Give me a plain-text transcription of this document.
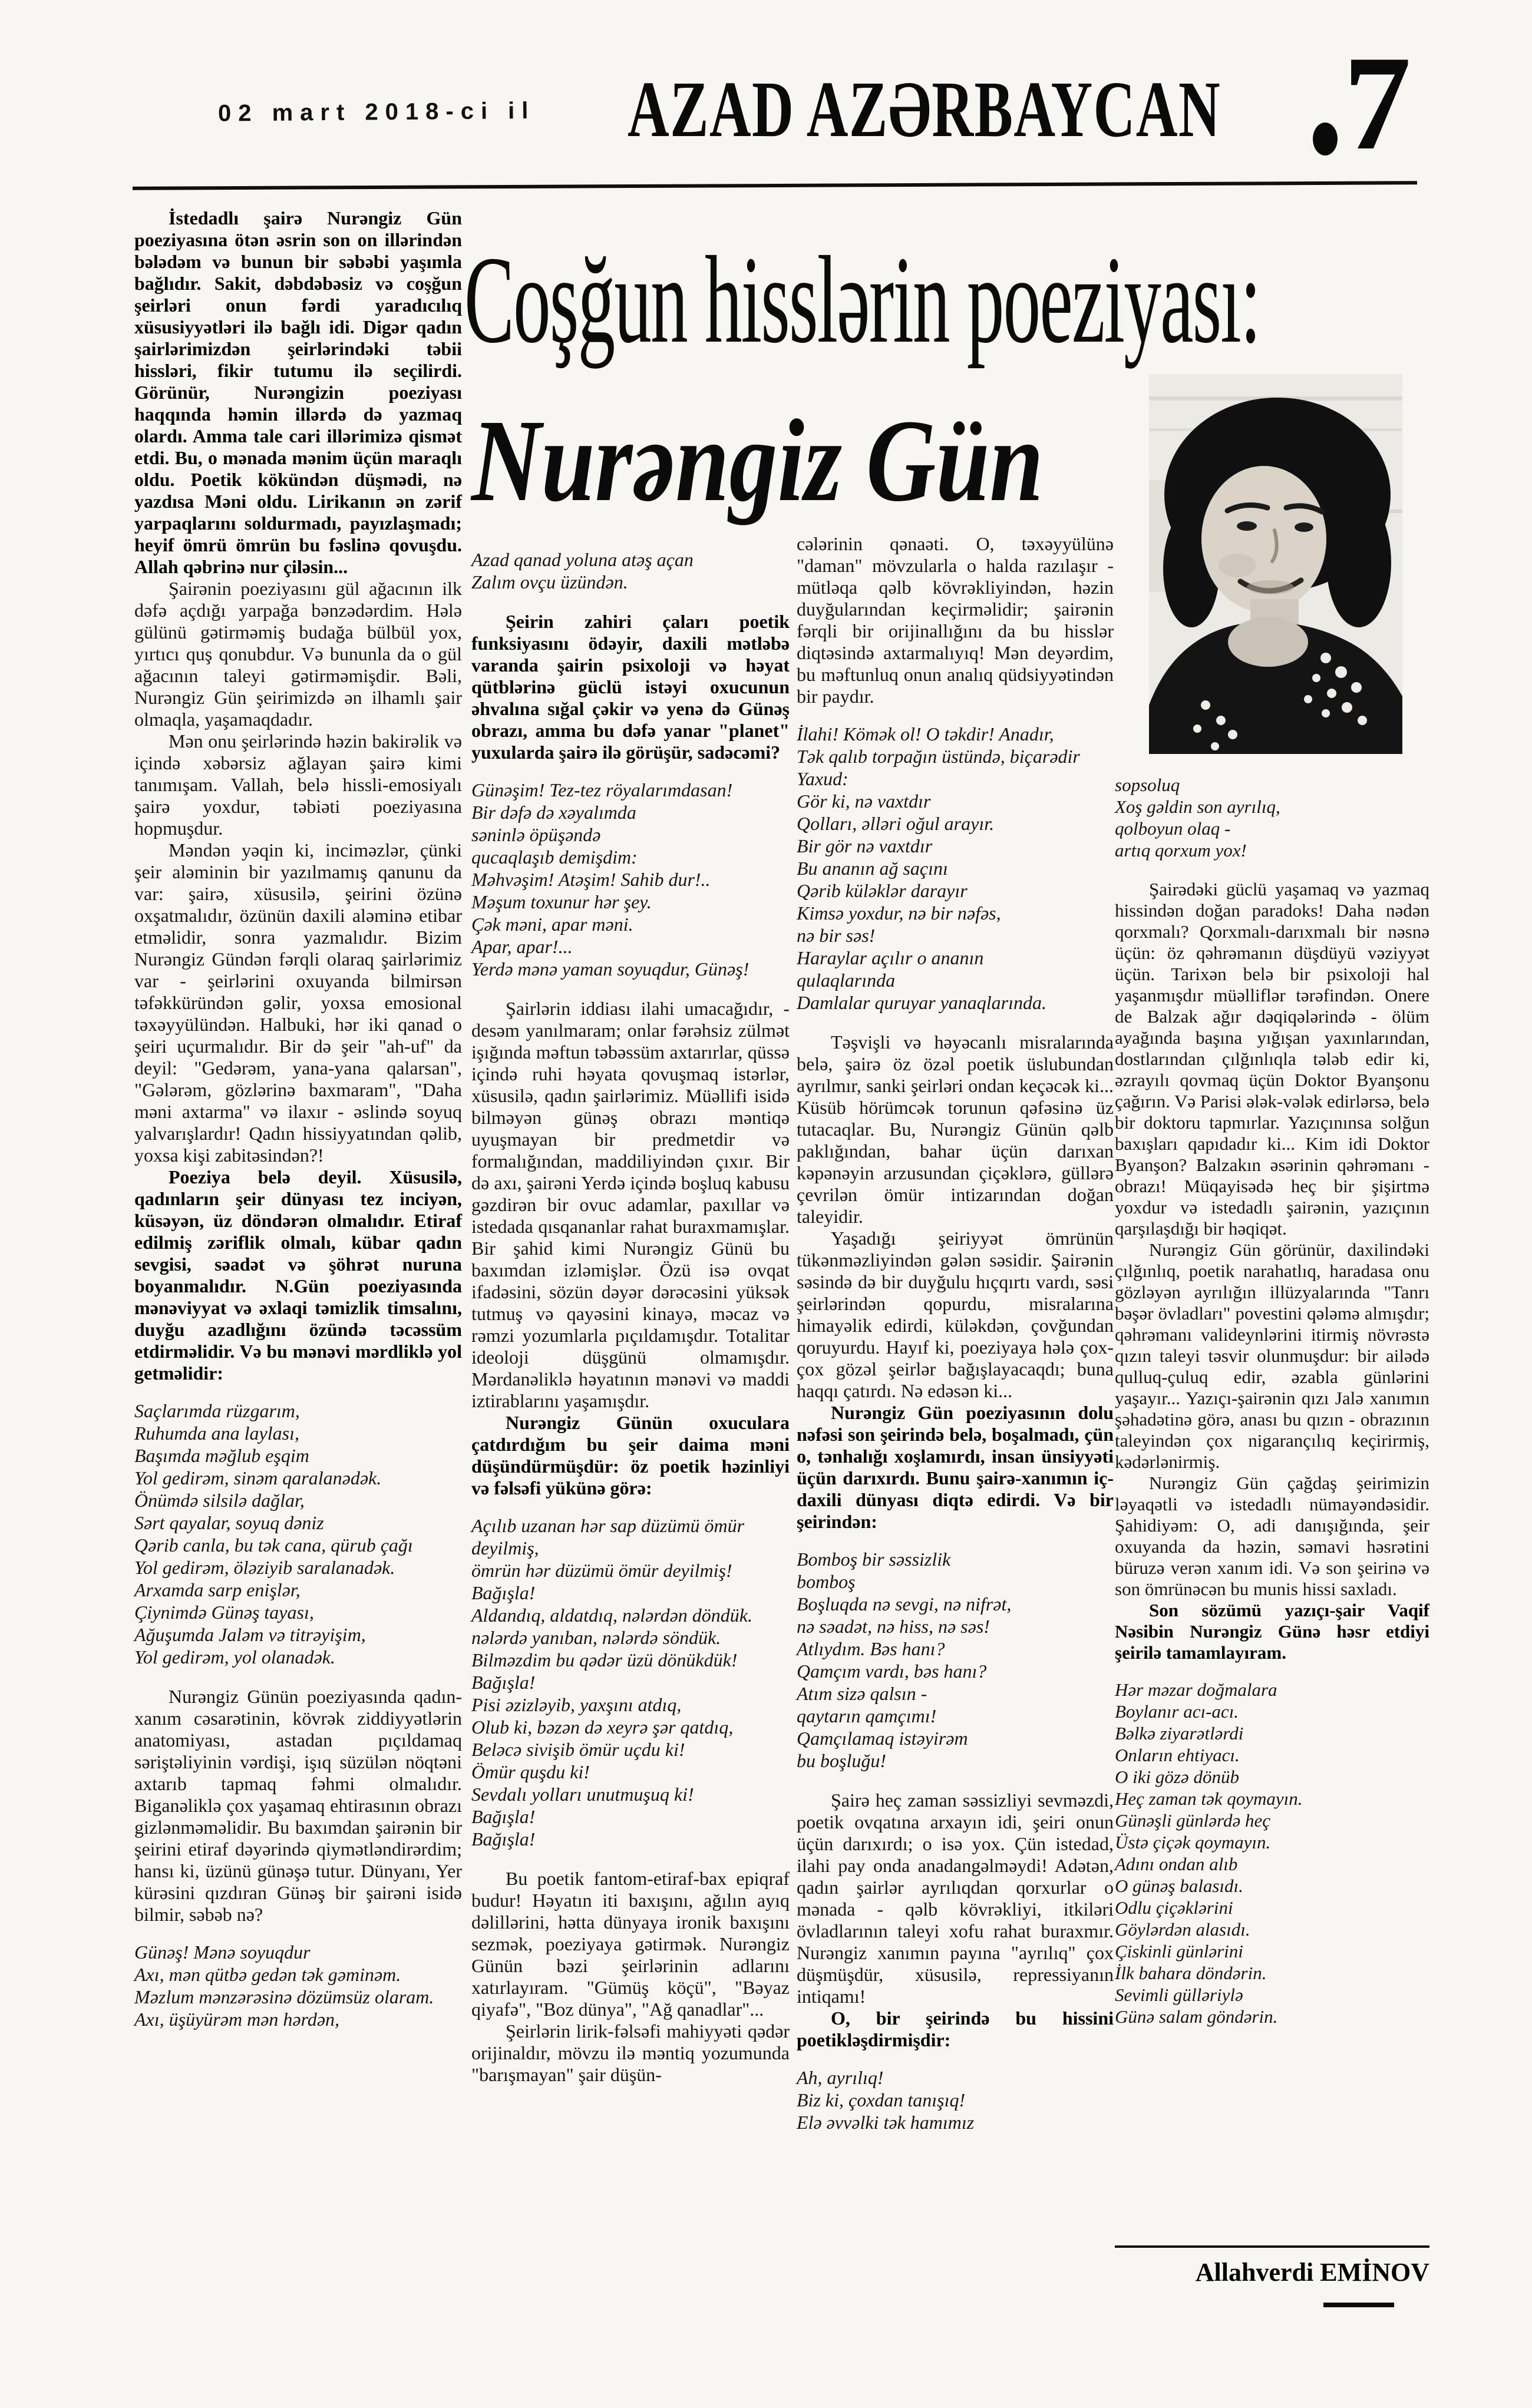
02 mart 2018-ci il	AZAD AZƏRBAYCAN 7
Coşğun hisslərin poeziyası:
Nurəngiz Gün

İstedadlı şairə Nurəngiz Gün poeziyasına ötən əsrin son on illərindən bələdəm və bunun bir səbəbi yaşımla bağlıdır. Sakit, dəbdəbəsiz və coşğun şeirləri onun fərdi yaradıcılıq xüsusiyyətləri ilə bağlı idi. Digər qadın şairlərimizdən şeirlərindəki təbii hissləri, fikir tutumu ilə seçilirdi. Görünür, Nurəngizin poeziyası haqqında həmin illərdə də yazmaq olardı. Amma tale cari illərimizə qismət etdi. Bu, o mənada mənim üçün maraqlı oldu. Poetik kökündən düşmədi, nə yazdısa Məni oldu. Lirikanın ən zərif yarpaqlarını soldurmadı, payızlaşmadı; heyif ömrü ömrün bu fəslinə qovuşdu. Allah qəbrinə nur çiləsin...

Şairənin poeziyasını gül ağacının ilk dəfə açdığı yarpağa bənzədərdim. Hələ gülünü gətirməmiş budağa bülbül yox, yırtıcı quş qonubdur. Və bununla da o gül ağacının taleyi gətirməmişdir. Bəli, Nurəngiz Gün şeirimizdə ən ilhamlı şair olmaqla, yaşamaqdadır.

Mən onu şeirlərində həzin bakirəlik və içində xəbərsiz ağlayan şairə kimi tanımışam. Vallah, belə hissli-emosiyalı şairə yoxdur, təbiəti poeziyasına hopmuşdur.

Məndən yəqin ki, inciməzlər, çünki şeir aləminin bir yazılmamış qanunu da var: şairə, xüsusilə, şeirini özünə oxşatmalıdır, özünün daxili aləminə etibar etməlidir, sonra yazmalıdır. Bizim Nurəngiz Gündən fərqli olaraq şairlərimiz var - şeirlərini oxuyanda bilmirsən təfəkküründən gəlir, yoxsa emosional təxəyyülündən. Halbuki, hər iki qanad o şeiri uçurmalıdır. Bir də şeir "ah-uf" da deyil: "Gedərəm, yana-yana qalarsan", "Gələrəm, gözlərinə baxmaram", "Daha məni axtarma" və ilaxır - əslində soyuq yalvarışlardır! Qadın hissiyyatından qəlib, yoxsa kişi zabitəsindən?!

Poeziya belə deyil. Xüsusilə, qadınların şeir dünyası tez inciyən, küsəyən, üz döndərən olmalıdır. Etiraf edilmiş zəriflik olmalı, kübar qadın sevgisi, səadət və şöhrət nuruna boyanmalıdır. N.Gün poeziyasında mənəviyyat və əxlaqi təmizlik timsalını, duyğu azadlığını özündə təcəssüm etdirməlidir. Və bu mənəvi mərdliklə yol getməlidir:

Saçlarımda rüzgarım,
Ruhumda ana laylası,
Başımda məğlub eşqim
Yol gedirəm, sinəm qaralanədək.
Önümdə silsilə dağlar,
Sərt qayalar, soyuq dəniz
Qərib canla, bu tək cana, qürub çağı
Yol gedirəm, öləziyib saralanadək.
Arxamda sarp enişlər,
Çiynimdə Günəş tayası,
Ağuşumda Jaləm və titrəyişim,
Yol gedirəm, yol olanadək.

Nurəngiz Günün poeziyasında qadın-xanım cəsarətinin, kövrək ziddiyyətlərin anatomiyası, astadan pıçıldamaq səriştəliyinin vərdişi, işıq süzülən nöqtəni axtarıb tapmaq fəhmi olmalıdır. Biganəliklə çox yaşamaq ehtirasının obrazı gizlənməməlidir. Bu baxımdan şairənin bir şeirini etiraf dəyərində qiymətləndirərdim; hansı ki, üzünü günəşə tutur. Dünyanı, Yer kürəsini qızdıran Günəş bir şairəni isidə bilmir, səbəb nə?

Günəş! Mənə soyuqdur
Axı, mən qütbə gedən tək gəminəm.
Məzlum mənzərəsinə dözümsüz olaram.
Axı, üşüyürəm mən hərdən,
Azad qanad yoluna atəş açan
Zalım ovçu üzündən.

Şeirin zahiri çaları poetik funksiyasını ödəyir, daxili mətləbə varanda şairin psixoloji və həyat qütblərinə güclü istəyi oxucunun əhvalına sığal çəkir və yenə də Günəş obrazı, amma bu dəfə yanar "planet" yuxularda şairə ilə görüşür, sadəcəmi?

Günəşim! Tez-tez röyalarımdasan!
Bir dəfə də xəyalımda
səninlə öpüşəndə
qucaqlaşıb demişdim:
Məhvəşim! Atəşim! Sahib dur!..
Məşum toxunur hər şey.
Çək məni, apar məni.
Apar, apar!...
Yerdə mənə yaman soyuqdur, Günəş!

Şairlərin iddiası ilahi umacağıdır, - desəm yanılmaram; onlar fərəhsiz zülmət işığında məftun təbəssüm axtarırlar, qüssə içində ruhi həyata qovuşmaq istərlər, xüsusilə, qadın şairlərimiz. Müəllifi isidə bilməyən günəş obrazı məntiqə uyuşmayan bir predmetdir və formalığından, maddiliyindən çıxır. Bir də axı, şairəni Yerdə içində boşluq kabusu gəzdirən bir ovuc adamlar, paxıllar və istedada qısqananlar rahat buraxmamışlar. Bir şahid kimi Nurəngiz Günü bu baxımdan izləmişlər. Özü isə ovqat ifadəsini, sözün dəyər dərəcəsini yüksək tutmuş və qayəsini kinayə, məcaz və rəmzi yozumlarla pıçıldamışdır. Totalitar ideoloji düşgünü olmamışdır. Mərdanəliklə həyatının mənəvi və maddi iztirablarını yaşamışdır.

Nurəngiz Günün oxuculara çatdırdığım bu şeir daima məni düşündürmüşdür: öz poetik həzinliyi və fəlsəfi yükünə görə:

Açılıb uzanan hər sap düzümü ömür
deyilmiş,
ömrün hər düzümü ömür deyilmiş!
Bağışla!
Aldandıq, aldatdıq, nələrdən döndük.
nələrdə yanıban, nələrdə söndük.
Bilməzdim bu qədər üzü dönükdük!
Bağışla!
Pisi əzizləyib, yaxşını atdıq,
Olub ki, bəzən də xeyrə şər qatdıq,
Beləcə sivişib ömür uçdu ki!
Ömür quşdu ki!
Sevdalı yolları unutmuşuq ki!
Bağışla!
Bağışla!

Bu poetik fantom-etiraf-bax epiqraf budur! Həyatın iti baxışını, ağılın ayıq dəlillərini, hətta dünyaya ironik baxışını sezmək, poeziyaya gətirmək. Nurəngiz Günün bəzi şeirlərinin adlarını xatırlayıram. "Gümüş köçü", "Bəyaz qiyafə", "Boz dünya", "Ağ qanadlar"...

Şeirlərin lirik-fəlsəfi mahiyyəti qədər orijinaldır, mövzu ilə məntiq yozumunda "barışmayan" şair düşün-

cələrinin qənaəti. O, təxəyyülünə "daman" mövzularla o halda razılaşır - mütləqa qəlb kövrəkliyindən, həzin duyğularından keçirməlidir; şairənin fərqli bir orijinallığını da bu hisslər diqtəsində axtarmalıyıq! Mən deyərdim, bu məftunluq onun analıq qüdsiyyətindən bir paydır.

İlahi! Kömək ol! O təkdir! Anadır,
Tək qalıb torpağın üstündə, biçarədir
Yaxud:
Gör ki, nə vaxtdır
Qolları, əlləri oğul arayır.
Bir gör nə vaxtdır
Bu ananın ağ saçını
Qərib küləklər darayır
Kimsə yoxdur, nə bir nəfəs,
nə bir səs!
Haraylar açılır o ananın
qulaqlarında
Damlalar quruyar yanaqlarında.

Təşvişli və həyəcanlı misralarında belə, şairə öz özəl poetik üslubundan ayrılmır, sanki şeirləri ondan keçəcək ki... Küsüb hörümcək torunun qəfəsinə üz tutacaqlar. Bu, Nurəngiz Günün qəlb paklığından, bahar üçün darıxan kəpənəyin arzusundan çiçəklərə, güllərə çevrilən ömür intizarından doğan taleyidir.

Yaşadığı şeiriyyət ömrünün tükənməzliyindən gələn səsidir. Şairənin səsində də bir duyğulu hıçqırtı vardı, səsi şeirlərindən qopurdu, misralarına himayəlik edirdi, küləkdən, çovğundan qoruyurdu. Hayıf ki, poeziyaya hələ çox-çox gözəl şeirlər bağışlayacaqdı; buna haqqı çatırdı. Nə edəsən ki...

Nurəngiz Gün poeziyasının dolu nəfəsi son şeirində belə, boşalmadı, çün o, tənhalığı xoşlamırdı, insan ünsiyyəti üçün darıxırdı. Bunu şairə-xanımın iç-daxili dünyası diqtə edirdi. Və bir şeirindən:

Bomboş bir səssizlik
bomboş
Boşluqda nə sevgi, nə nifrət,
nə səadət, nə hiss, nə səs!
Atlıydım. Bəs hanı?
Qamçım vardı, bəs hanı?
Atım sizə qalsın -
qaytarın qamçımı!
Qamçılamaq istəyirəm
bu boşluğu!

Şairə heç zaman səssizliyi sevməzdi, poetik ovqatına arxayın idi, şeiri onun üçün darıxırdı; o isə yox. Çün istedad, ilahi pay onda anadangəlməydi! Adətən, qadın şairlər ayrılıqdan qorxurlar o mənada - qəlb kövrəkliyi, itkiləri övladlarının taleyi xofu rahat buraxmır. Nurəngiz xanımın payına "ayrılıq" çox düşmüşdür, xüsusilə, repressiyanın intiqamı!

O, bir şeirində bu hissini poetikləşdirmişdir:

Ah, ayrılıq!
Biz ki, çoxdan tanışıq!
Elə əvvəlki tək hamımız
sopsoluq
Xoş gəldin son ayrılıq,
qolboyun olaq -
artıq qorxum yox!

Şairədəki güclü yaşamaq və yazmaq hissindən doğan paradoks! Daha nədən qorxmalı? Qorxmalı-darıxmalı bir nəsnə üçün: öz qəhrəmanın düşdüyü vəziyyət üçün. Tarixən belə bir psixoloji hal yaşanmışdır müəlliflər tərəfindən. Onere de Balzak ağır dəqiqələrində - ölüm ayağında başına yığışan yaxınlarından, dostlarından çılğınlıqla tələb edir ki, əzrayılı qovmaq üçün Doktor Byanşonu çağırın. Və Parisi ələk-vələk edirlərsə, belə bir doktoru tapmırlar. Yazıçınınsa solğun baxışları qapıdadır ki... Kim idi Doktor Byanşon? Balzakın əsərinin qəhrəmanı - obrazı! Müqayisədə heç bir şişirtmə yoxdur və istedadlı şairənin, yazıçının qarşılaşdığı bir həqiqət.

Nurəngiz Gün görünür, daxilindəki çılğınlıq, poetik narahatlıq, haradasa onu gözləyən ayrılığın illüzyalarında "Tanrı bəşər övladları" povestini qələmə almışdır; qəhrəmanı valideynlərini itirmiş növrəstə qızın taleyi təsvir olunmuşdur: bir ailədə qulluq-çuluq edir, əzabla günlərini yaşayır... Yazıçı-şairənin qızı Jalə xanımın şəhadətinə görə, anası bu qızın - obrazının taleyindən çox nigarançılıq keçirirmiş, kədərlənirmiş.

Nurəngiz Gün çağdaş şeirimizin ləyaqətli və istedadlı nümayəndəsidir. Şahidiyəm: O, adi danışığında, şeir oxuyanda da həzin, səmavi həsrətini büruzə verən xanım idi. Və son şeirinə və son ömrünəcən bu munis hissi saxladı.

Son sözümü yazıçı-şair Vaqif Nəsibin Nurəngiz Günə həsr etdiyi şeirilə tamamlayıram.

Hər məzar doğmalara
Boylanır acı-acı.
Bəlkə ziyarətlərdi
Onların ehtiyacı.
O iki gözə dönüb
Heç zaman tək qoymayın.
Günəşli günlərdə heç
Üstə çiçək qoymayın.
Adını ondan alıb
O günəş balasıdı.
Odlu çiçəklərini
Göylərdən alasıdı.
Çiskinli günlərini
İlk bahara döndərin.
Sevimli gülləriylə
Günə salam göndərin.
Allahverdi EMİNOV
